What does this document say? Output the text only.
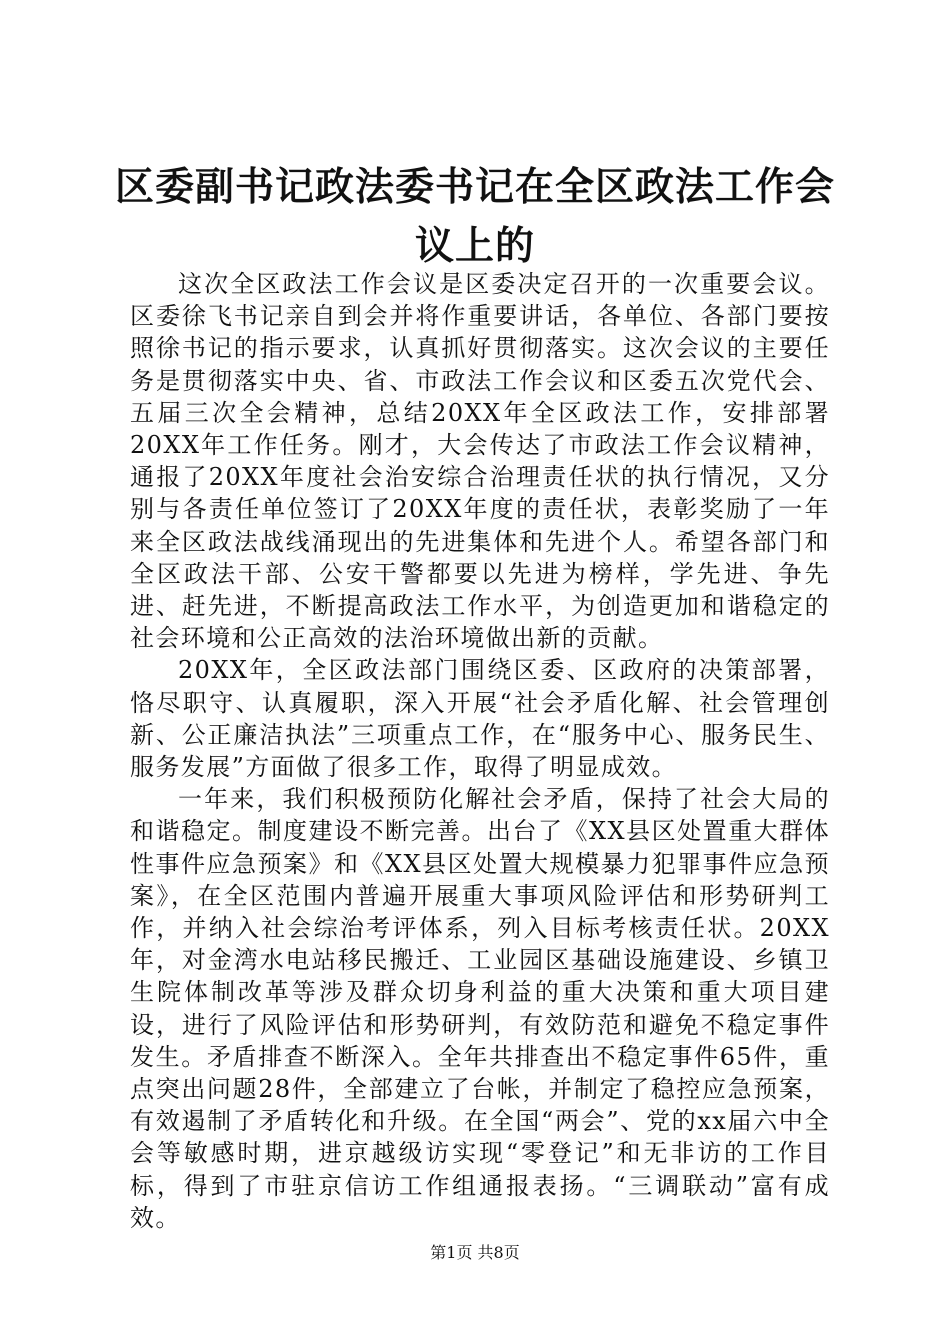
区委副书记政法委书记在全区政法工作会议上的

这次全区政法工作会议是区委决定召开的一次重要会议。区委徐飞书记亲自到会并将作重要讲话，各单位、各部门要按照徐书记的指示要求，认真抓好贯彻落实。这次会议的主要任务是贯彻落实中央、省、市政法工作会议和区委五次党代会、五届三次全会精神，总结20XX年全区政法工作，安排部署20XX年工作任务。刚才，大会传达了市政法工作会议精神，通报了20XX年度社会治安综合治理责任状的执行情况，又分别与各责任单位签订了20XX年度的责任状，表彰奖励了一年来全区政法战线涌现出的先进集体和先进个人。希望各部门和全区政法干部、公安干警都要以先进为榜样，学先进、争先进、赶先进，不断提高政法工作水平，为创造更加和谐稳定的社会环境和公正高效的法治环境做出新的贡献。

20XX年，全区政法部门围绕区委、区政府的决策部署，恪尽职守、认真履职，深入开展“社会矛盾化解、社会管理创新、公正廉洁执法”三项重点工作，在“服务中心、服务民生、服务发展”方面做了很多工作，取得了明显成效。

一年来，我们积极预防化解社会矛盾，保持了社会大局的和谐稳定。制度建设不断完善。出台了《XX县区处置重大群体性事件应急预案》和《XX县区处置大规模暴力犯罪事件应急预案》，在全区范围内普遍开展重大事项风险评估和形势研判工作，并纳入社会综治考评体系，列入目标考核责任状。20XX年，对金湾水电站移民搬迁、工业园区基础设施建设、乡镇卫生院体制改革等涉及群众切身利益的重大决策和重大项目建设，进行了风险评估和形势研判，有效防范和避免不稳定事件发生。矛盾排查不断深入。全年共排查出不稳定事件65件，重点突出问题28件，全部建立了台帐，并制定了稳控应急预案，有效遏制了矛盾转化和升级。在全国“两会”、党的xx届六中全会等敏感时期，进京越级访实现“零登记”和无非访的工作目标，得到了市驻京信访工作组通报表扬。“三调联动”富有成效。

第1页 共8页
